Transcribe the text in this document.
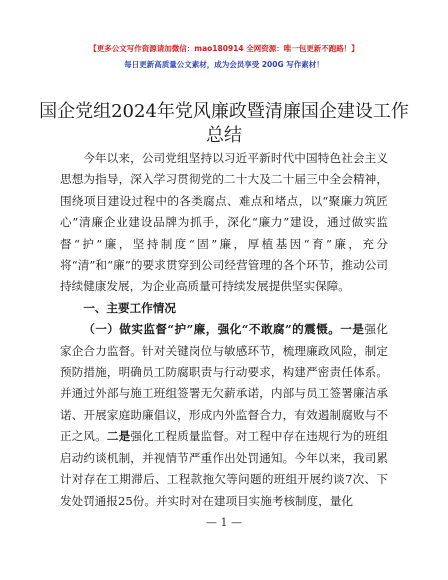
【更多公文写作资源请加微信：mao180914 全网资源：唯一包更新不跑路！】
每日更新高质量公文素材，成为会员享受 200G 写作素材！
国企党组2024年党风廉政暨清廉国企建设工作
总结

今年以来，公司党组坚持以习近平新时代中国特色社会主义思想为指导，深入学习贯彻党的二十大及二十届三中全会精神，围绕项目建设过程中的各类腐点、难点和堵点，以“聚廉力筑匠心”清廉企业建设品牌为抓手，深化“廉力”建设，通过做实监督“护”廉，坚持制度“固”廉，厚植基因“育”廉，充分将“清”和“廉”的要求贯穿到公司经营管理的各个环节，推动公司持续健康发展，为企业高质量可持续发展提供坚实保障。

一、主要工作情况

（一）做实监督“护”廉，强化“不敢腐”的震慑。一是强化家企合力监督。针对关键岗位与敏感环节，梳理廉政风险，制定预防措施，明确员工防腐职责与行动要求，构建严密责任体系。并通过外部与施工班组签署无欠薪承诺，内部与员工签署廉洁承诺、开展家庭助廉倡议，形成内外监督合力，有效遏制腐败与不正之风。二是强化工程质量监督。对工程中存在违规行为的班组启动约谈机制，并视情节严重作出处罚通知。今年以来，我司累计对存在工期滞后、工程款拖欠等问题的班组开展约谈7次、下发处罚通报25份。并实时对在建项目实施考核制度，量化

— 1 —
